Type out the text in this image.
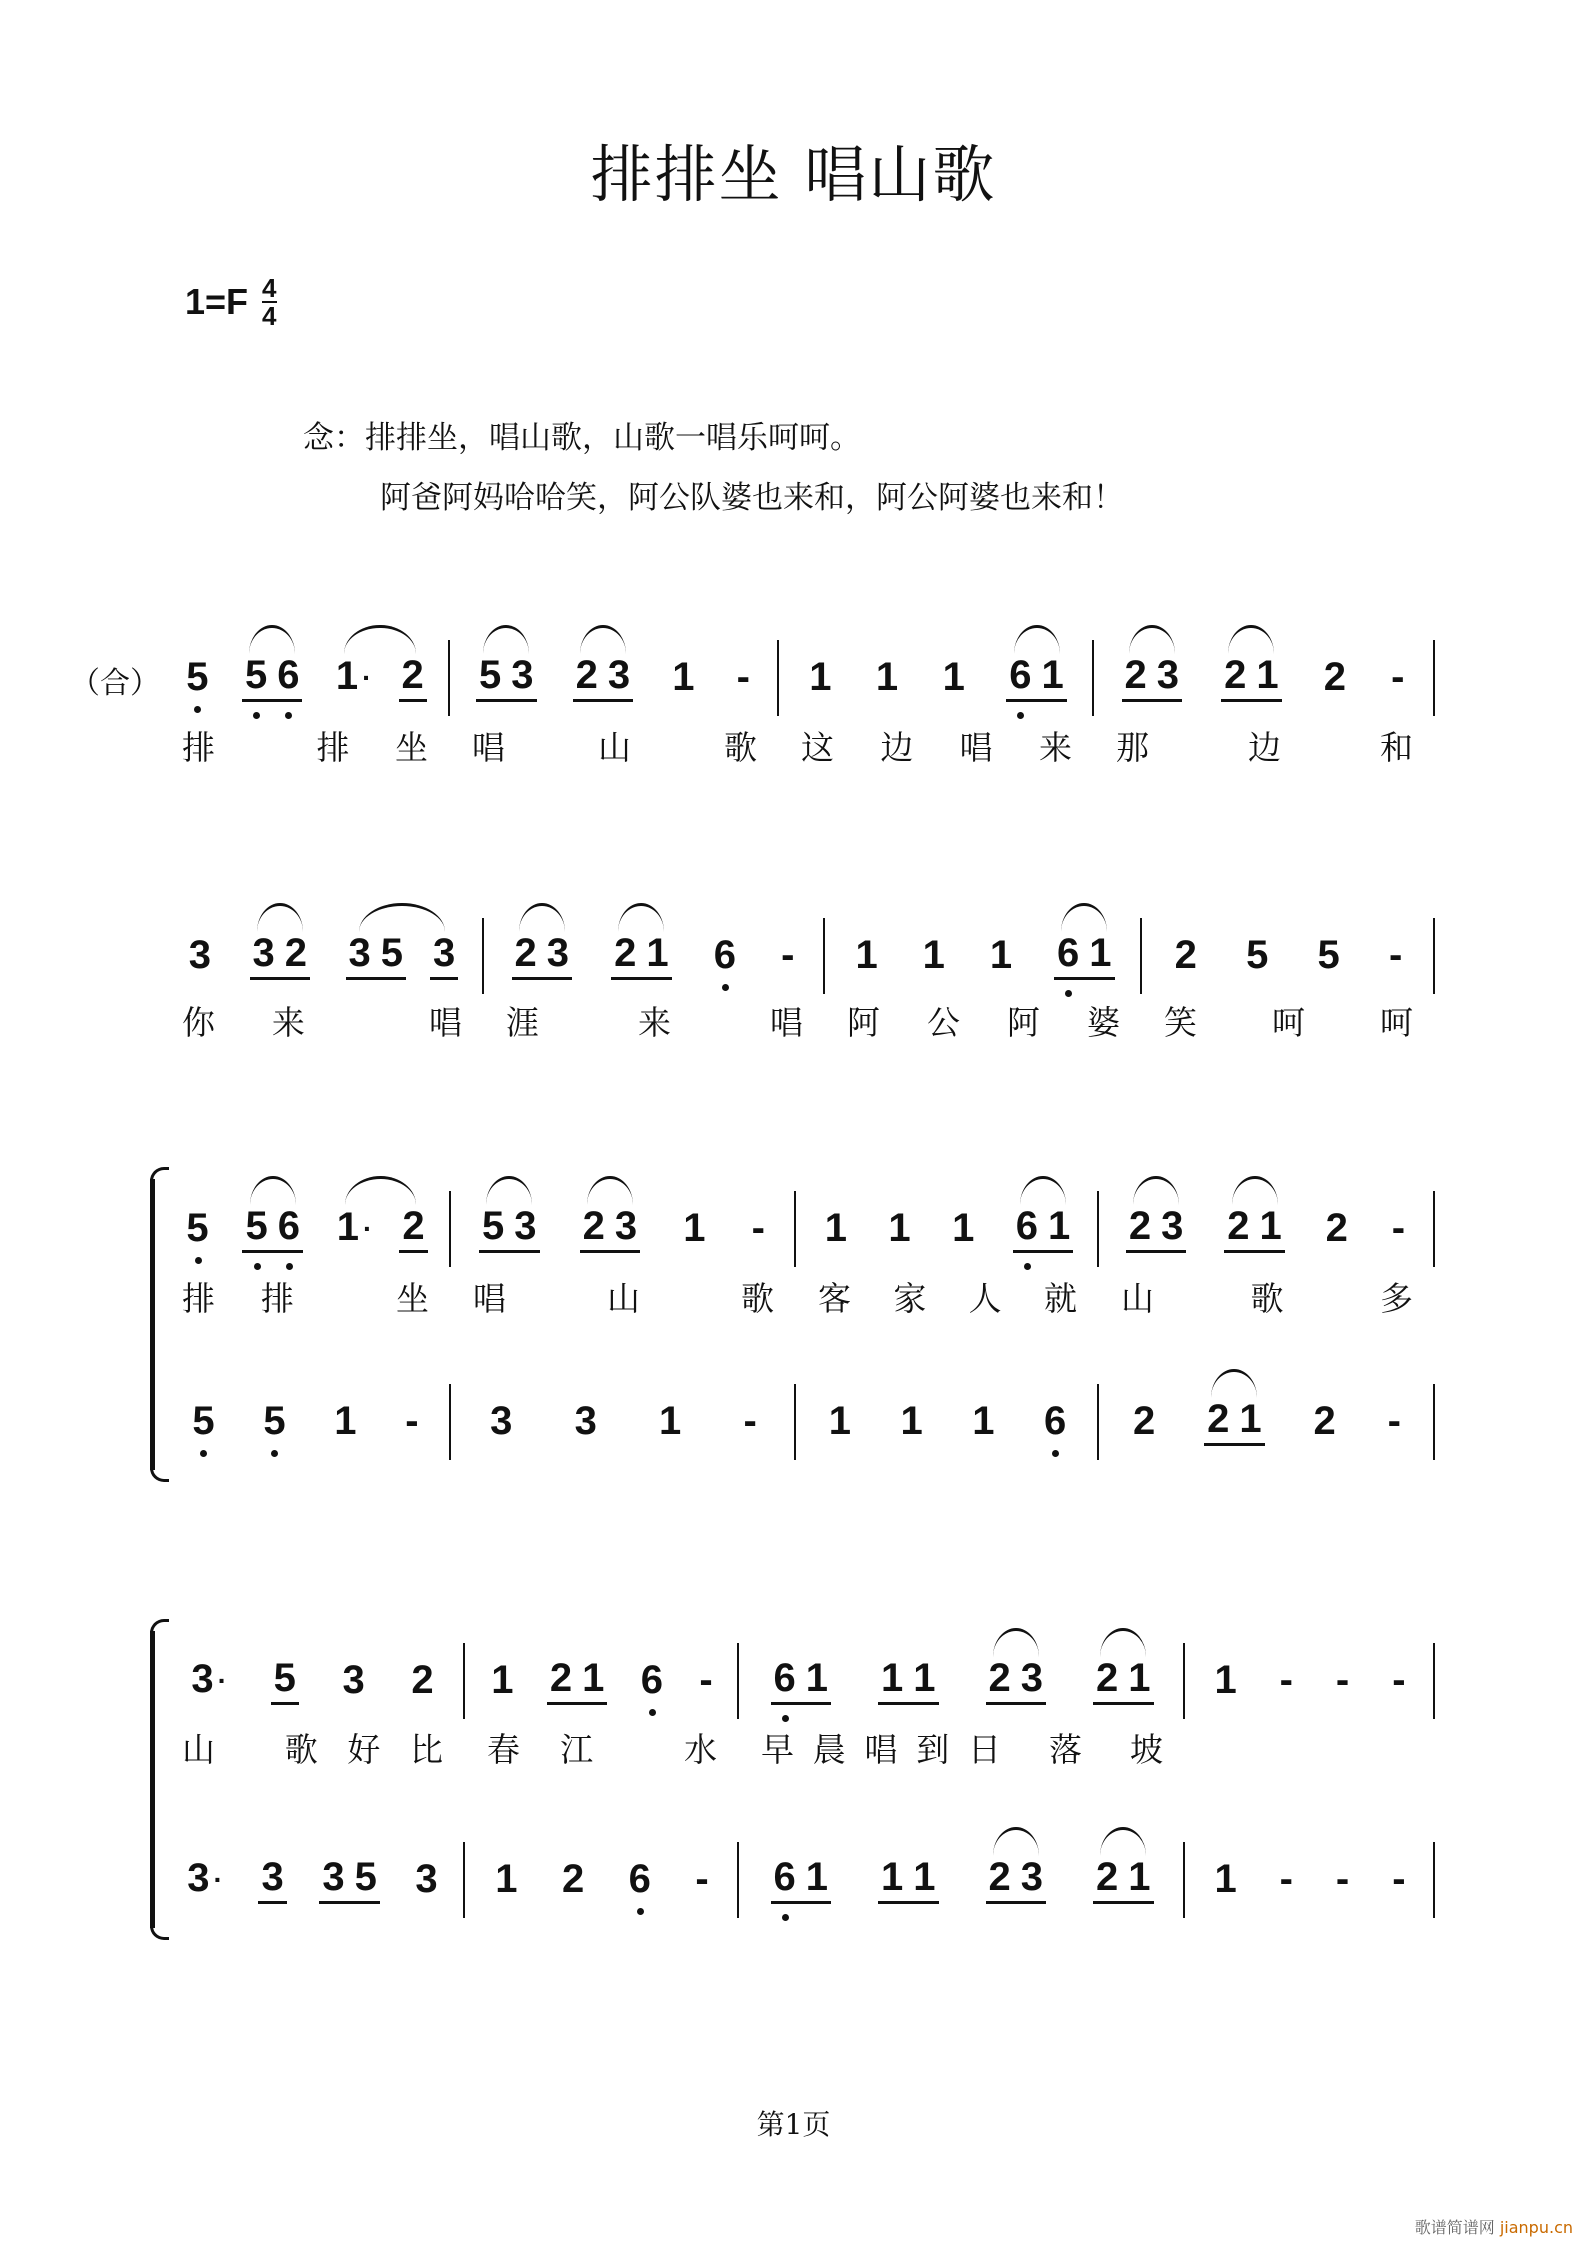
排排坐 唱山歌
$1=F \frac{4}{4}$
念：排排坐，唱山歌，山歌一唱乐呵呵。
阿爸阿妈哈哈笑，阿公队婆也来和，阿公阿婆也来和！
（合） 5 5 6 1 · 2 5 3 2 3 1 - 1 1 1 6 1 2 3 2 1 2 -
排 排坐	唱 山 歌	这边唱来	那 边 和
3 3 2 3 5 3 2 3 2 1 6 - 1 1 1 6 1 2 5 5 -
你来 唱	涯 来 唱	阿公阿婆	笑 呵 呵
5 5 6 1 · 2 5 3 2 3 1 - 1 1 1 6 1 2 3 2 1 2 -
5 5 1 - 3 3 1 - 1 1 1 6 2 2 1 2 -
排排 坐	唱 山 歌	客家人就	山 歌 多
3 · 5 3 2 1 2 1 6 - 6 1 1 1 2 3 2 1 1 - - -
3 · 3 3 5 3 1 2 6 - 6 1 1 1 2 3 2 1 1 - - -
山 歌好比	春江 水	早晨唱到日 落 坡
第1页
歌谱简谱网 jianpu.cn
